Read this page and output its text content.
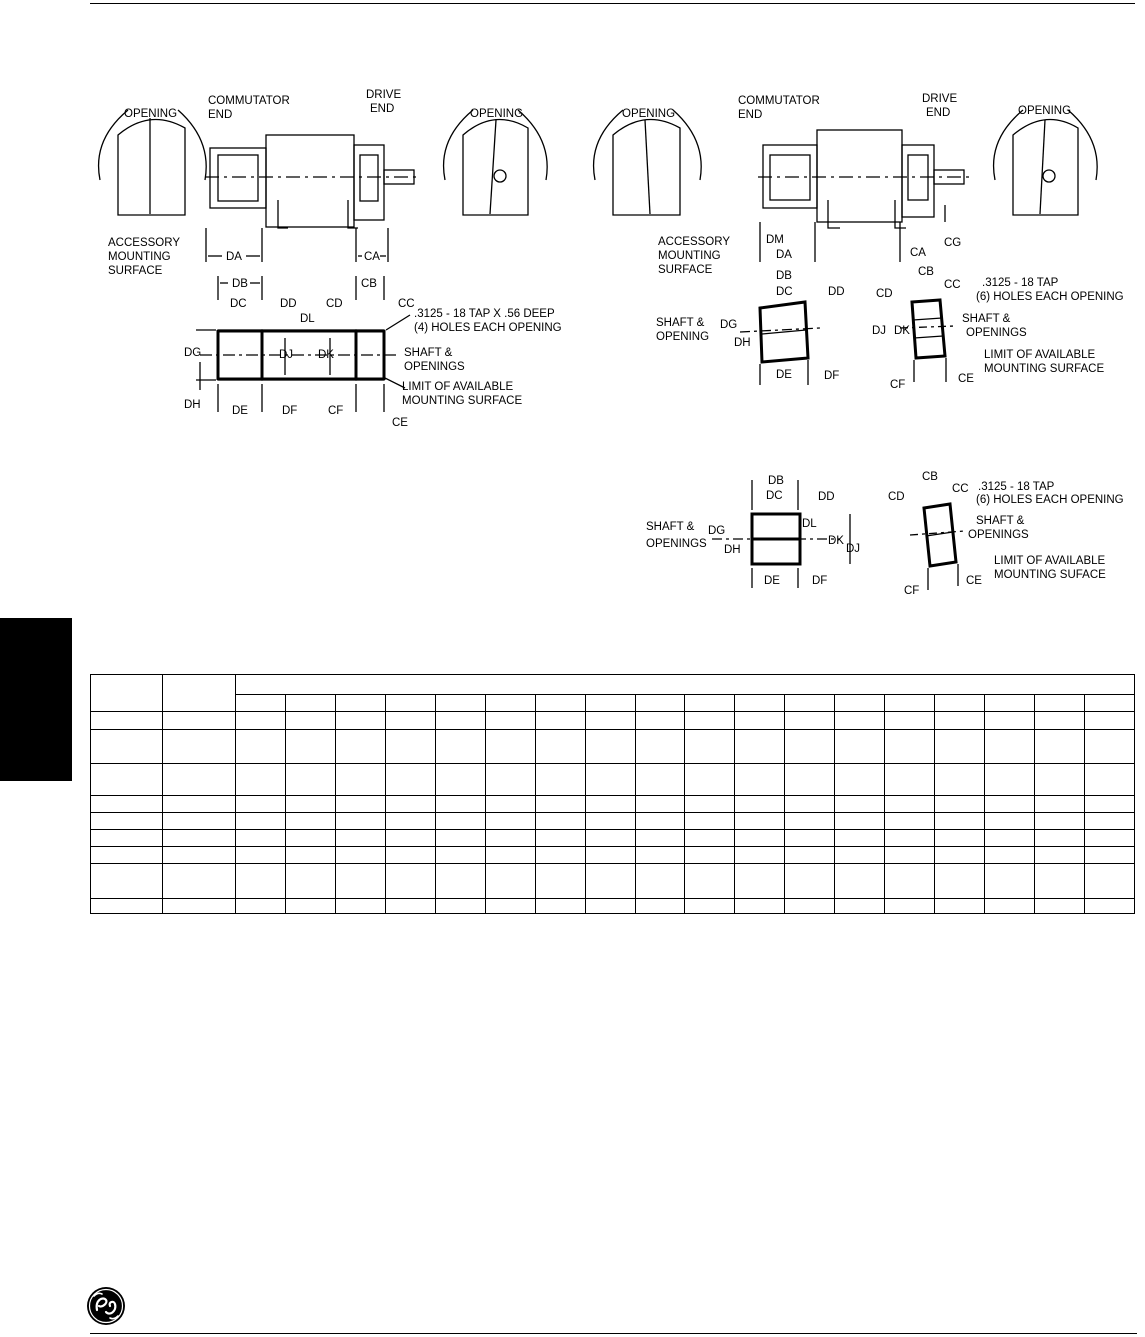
OPENING
COMMUTATOR
END
DRIVE
END	OPENING
ACCESSORY
MOUNTING
SURFACE
DA	CA
DB	CB
DC	DD	CD	CC
DL
DG	DJ DK
DH	DE	DF	CF
CE
.3125 - 18 TAP X .56 DEEP
(4) HOLES EACH OPENING
SHAFT &
OPENINGS
LIMIT OF AVAILABLE
MOUNTING SURFACE
OPENING
COMMUTATOR
END
DRIVE
END	OPENING
ACCESSORY
MOUNTING
SURFACE
DM
DA	CA
CG
DB
DC	DD
CB
CC
CD
DG
DH
DJ DK
DE	DF
CF	CE
.3125 - 18 TAP
(6) HOLES EACH OPENING
SHAFT &
OPENING
SHAFT &
OPENINGS
LIMIT OF AVAILABLE
MOUNTING SURFACE
DB
DC	DD
DG
DH
DL
DK
DJ
DE	DF
CB
CD
CC
CF
CE
SHAFT &
OPENINGS
.3125 - 18 TAP
(6) HOLES EACH OPENING
SHAFT &
OPENINGS
LIMIT OF AVAILABLE
MOUNTING SUFACE
